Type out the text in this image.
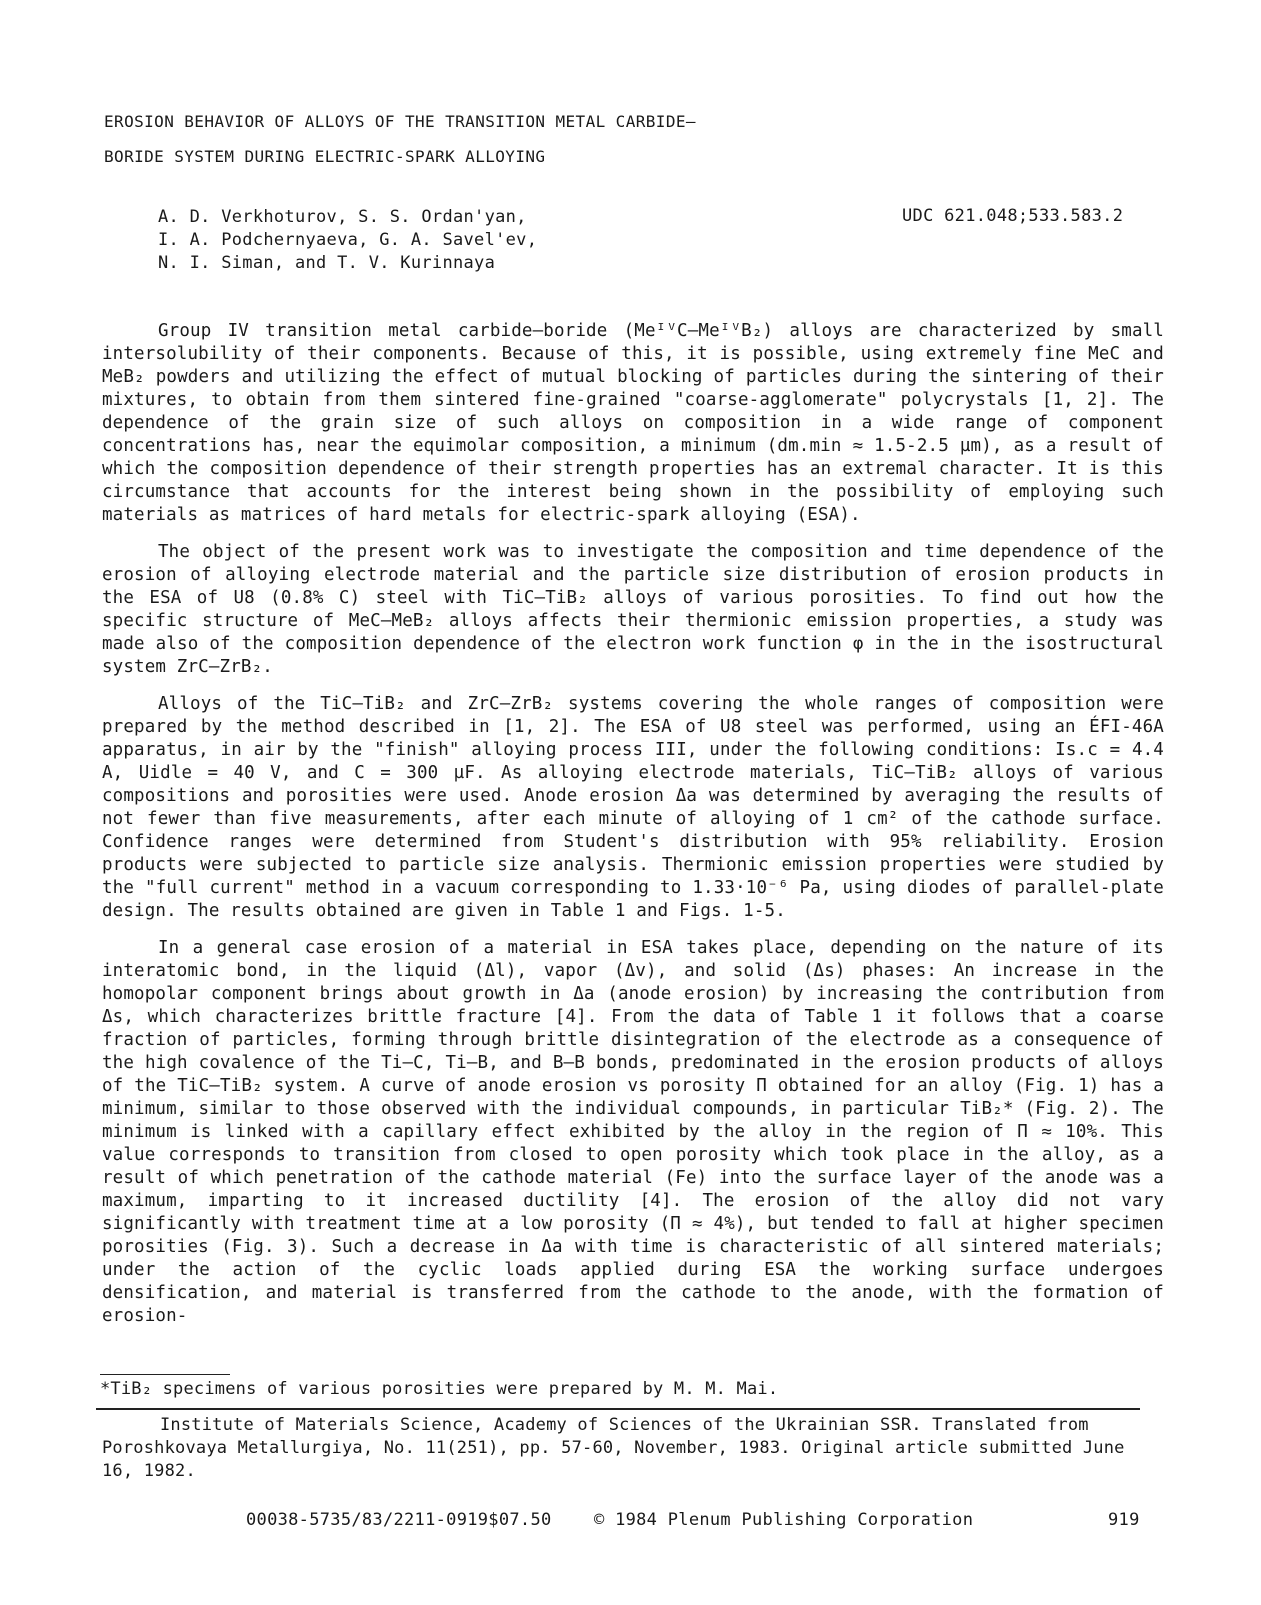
EROSION BEHAVIOR OF ALLOYS OF THE TRANSITION METAL CARBIDE—
BORIDE SYSTEM DURING ELECTRIC-SPARK ALLOYING
A. D. Verkhoturov, S. S. Ordan'yan,
I. A. Podchernyaeva, G. A. Savel'ev,
N. I. Siman, and T. V. Kurinnaya
UDC 621.048;533.583.2

Group IV transition metal carbide—boride (MeᴵⱽC—MeᴵⱽB₂) alloys are characterized by small intersolubility of their components. Because of this, it is possible, using extremely fine MeC and MeB₂ powders and utilizing the effect of mutual blocking of particles during the sintering of their mixtures, to obtain from them sintered fine-grained "coarse-agglomerate" polycrystals [1, 2]. The dependence of the grain size of such alloys on composition in a wide range of component concentrations has, near the equimolar composition, a minimum (dm.min ≈ 1.5-2.5 µm), as a result of which the composition dependence of their strength properties has an extremal character. It is this circumstance that accounts for the interest being shown in the possibility of employing such materials as matrices of hard metals for electric-spark alloying (ESA).

The object of the present work was to investigate the composition and time dependence of the erosion of alloying electrode material and the particle size distribution of erosion products in the ESA of U8 (0.8% C) steel with TiC—TiB₂ alloys of various porosities. To find out how the specific structure of MeC—MeB₂ alloys affects their thermionic emission properties, a study was made also of the composition dependence of the electron work function φ in the in the isostructural system ZrC—ZrB₂.

Alloys of the TiC—TiB₂ and ZrC—ZrB₂ systems covering the whole ranges of composition were prepared by the method described in [1, 2]. The ESA of U8 steel was performed, using an ÉFI-46A apparatus, in air by the "finish" alloying process III, under the following conditions: Is.c = 4.4 A, Uidle = 40 V, and C = 300 µF. As alloying electrode materials, TiC—TiB₂ alloys of various compositions and porosities were used. Anode erosion Δa was determined by averaging the results of not fewer than five measurements, after each minute of alloying of 1 cm² of the cathode surface. Confidence ranges were determined from Student's distribution with 95% reliability. Erosion products were subjected to particle size analysis. Thermionic emission properties were studied by the "full current" method in a vacuum corresponding to 1.33·10⁻⁶ Pa, using diodes of parallel-plate design. The results obtained are given in Table 1 and Figs. 1-5.

In a general case erosion of a material in ESA takes place, depending on the nature of its interatomic bond, in the liquid (Δl), vapor (Δv), and solid (Δs) phases: An increase in the homopolar component brings about growth in Δa (anode erosion) by increasing the contribution from Δs, which characterizes brittle fracture [4]. From the data of Table 1 it follows that a coarse fraction of particles, forming through brittle disintegration of the electrode as a consequence of the high covalence of the Ti—C, Ti—B, and B—B bonds, predominated in the erosion products of alloys of the TiC—TiB₂ system. A curve of anode erosion vs porosity Π obtained for an alloy (Fig. 1) has a minimum, similar to those observed with the individual compounds, in particular TiB₂* (Fig. 2). The minimum is linked with a capillary effect exhibited by the alloy in the region of Π ≈ 10%. This value corresponds to transition from closed to open porosity which took place in the alloy, as a result of which penetration of the cathode material (Fe) into the surface layer of the anode was a maximum, imparting to it increased ductility [4]. The erosion of the alloy did not vary significantly with treatment time at a low porosity (Π ≈ 4%), but tended to fall at higher specimen porosities (Fig. 3). Such a decrease in Δa with time is characteristic of all sintered materials; under the action of the cyclic loads applied during ESA the working surface undergoes densification, and material is transferred from the cathode to the anode, with the formation of erosion-

*TiB₂ specimens of various porosities were prepared by M. M. Mai.

Institute of Materials Science, Academy of Sciences of the Ukrainian SSR. Translated from Poroshkovaya Metallurgiya, No. 11(251), pp. 57-60, November, 1983. Original article submitted June 16, 1982.

00038-5735/83/2211-0919$07.50 © 1984 Plenum Publishing Corporation	919
